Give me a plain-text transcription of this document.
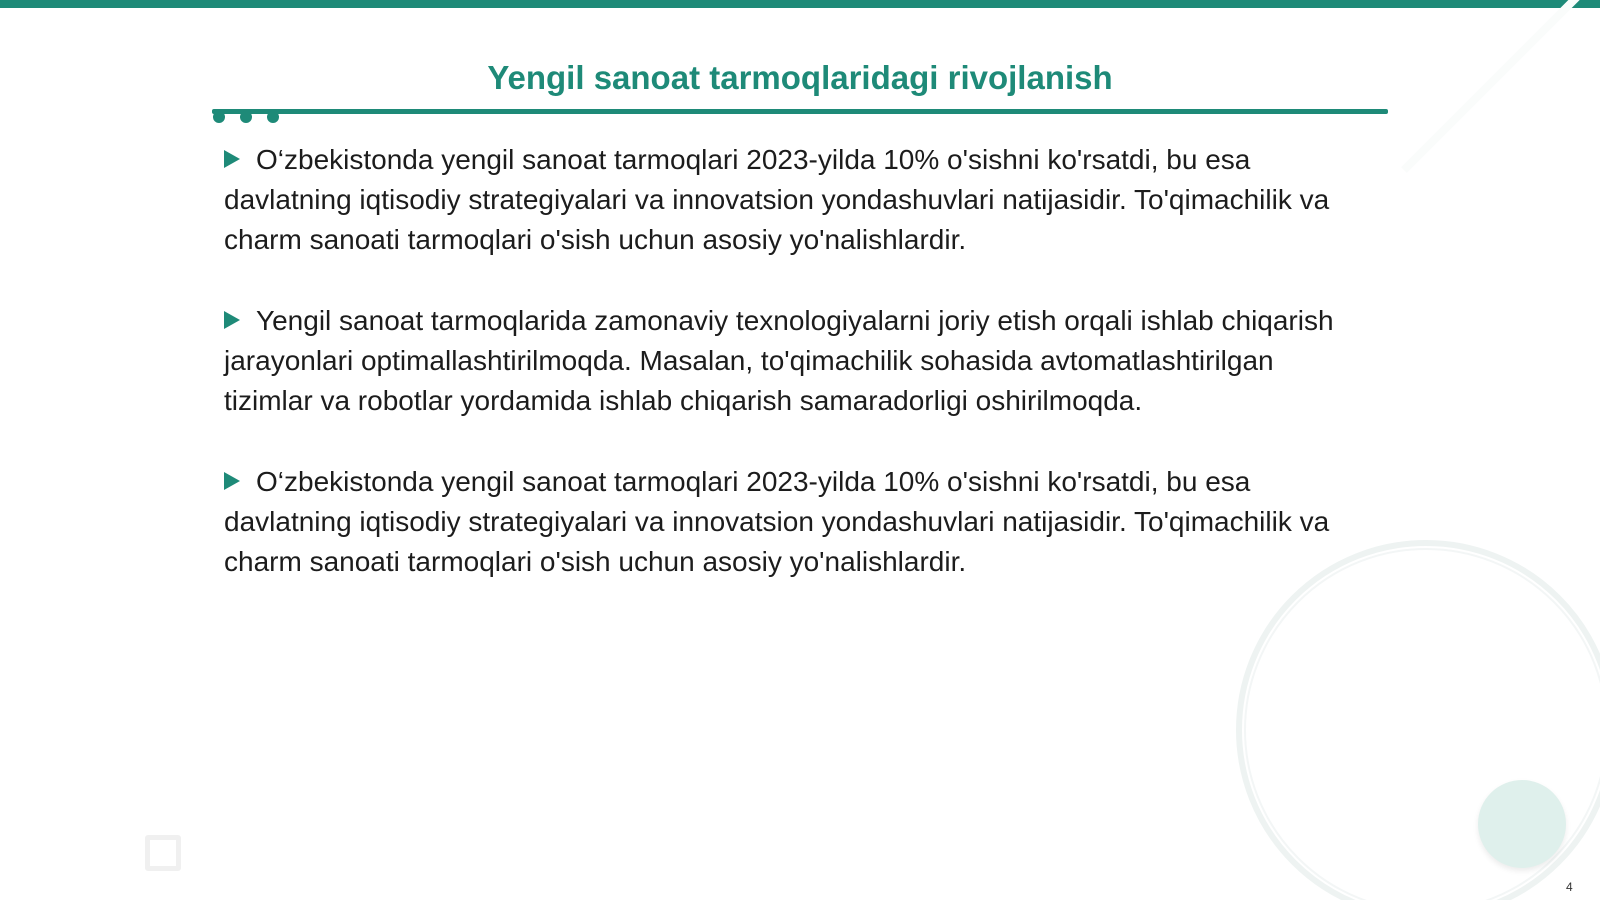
Yengil sanoat tarmoqlaridagi rivojlanish

O‘zbekistonda yengil sanoat tarmoqlari 2023-yilda 10% o'sishni ko'rsatdi, bu esa davlatning iqtisodiy strategiyalari va innovatsion yondashuvlari natijasidir. To'qimachilik va charm sanoati tarmoqlari o'sish uchun asosiy yo'nalishlardir.

Yengil sanoat tarmoqlarida zamonaviy texnologiyalarni joriy etish orqali ishlab chiqarish jarayonlari optimallashtirilmoqda. Masalan, to'qimachilik sohasida avtomatlashtirilgan tizimlar va robotlar yordamida ishlab chiqarish samaradorligi oshirilmoqda.

O‘zbekistonda yengil sanoat tarmoqlari 2023-yilda 10% o'sishni ko'rsatdi, bu esa davlatning iqtisodiy strategiyalari va innovatsion yondashuvlari natijasidir. To'qimachilik va charm sanoati tarmoqlari o'sish uchun asosiy yo'nalishlardir.

4
